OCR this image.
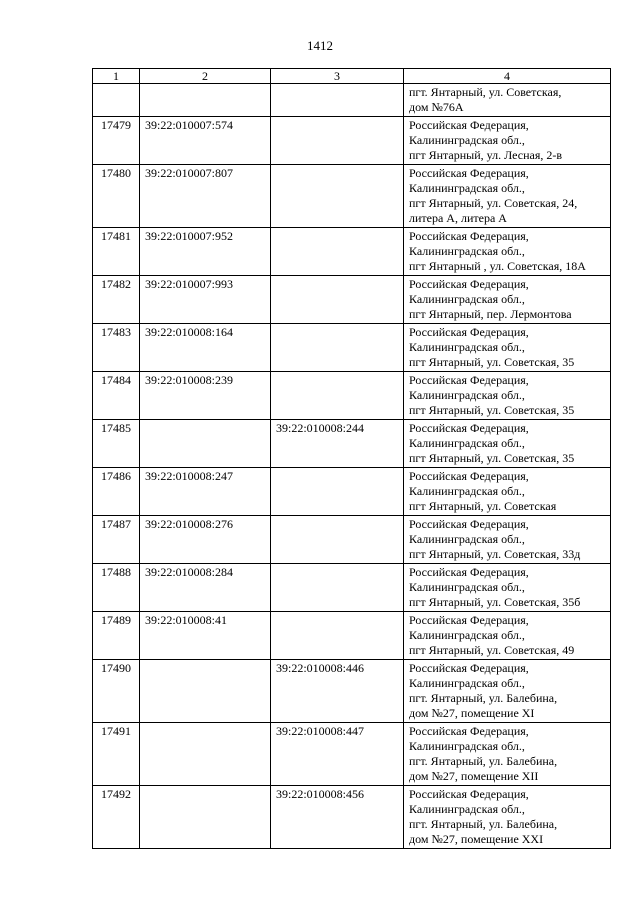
1412
1	2	3	4

			пгт. Янтарный, ул. Советская,
дом №76А

17479	39:22:010007:574		Российская Федерация,
Калининградская обл.,
пгт Янтарный, ул. Лесная, 2-в

17480	39:22:010007:807		Российская Федерация,
Калининградская обл.,
пгт Янтарный, ул. Советская, 24,
литера А, литера А

17481	39:22:010007:952		Российская Федерация,
Калининградская обл.,
пгт Янтарный , ул. Советская, 18А

17482	39:22:010007:993		Российская Федерация,
Калининградская обл.,
пгт Янтарный, пер. Лермонтова

17483	39:22:010008:164		Российская Федерация,
Калининградская обл.,
пгт Янтарный, ул. Советская, 35

17484	39:22:010008:239		Российская Федерация,
Калининградская обл.,
пгт Янтарный, ул. Советская, 35

17485		39:22:010008:244	Российская Федерация,
Калининградская обл.,
пгт Янтарный, ул. Советская, 35

17486	39:22:010008:247		Российская Федерация,
Калининградская обл.,
пгт Янтарный, ул. Советская

17487	39:22:010008:276		Российская Федерация,
Калининградская обл.,
пгт Янтарный, ул. Советская, 33д

17488	39:22:010008:284		Российская Федерация,
Калининградская обл.,
пгт Янтарный, ул. Советская, 35б

17489	39:22:010008:41		Российская Федерация,
Калининградская обл.,
пгт Янтарный, ул. Советская, 49

17490		39:22:010008:446	Российская Федерация,
Калининградская обл.,
пгт. Янтарный, ул. Балебина,
дом №27, помещение XI

17491		39:22:010008:447	Российская Федерация,
Калининградская обл.,
пгт. Янтарный, ул. Балебина,
дом №27, помещение XII

17492		39:22:010008:456	Российская Федерация,
Калининградская обл.,
пгт. Янтарный, ул. Балебина,
дом №27, помещение XXI
